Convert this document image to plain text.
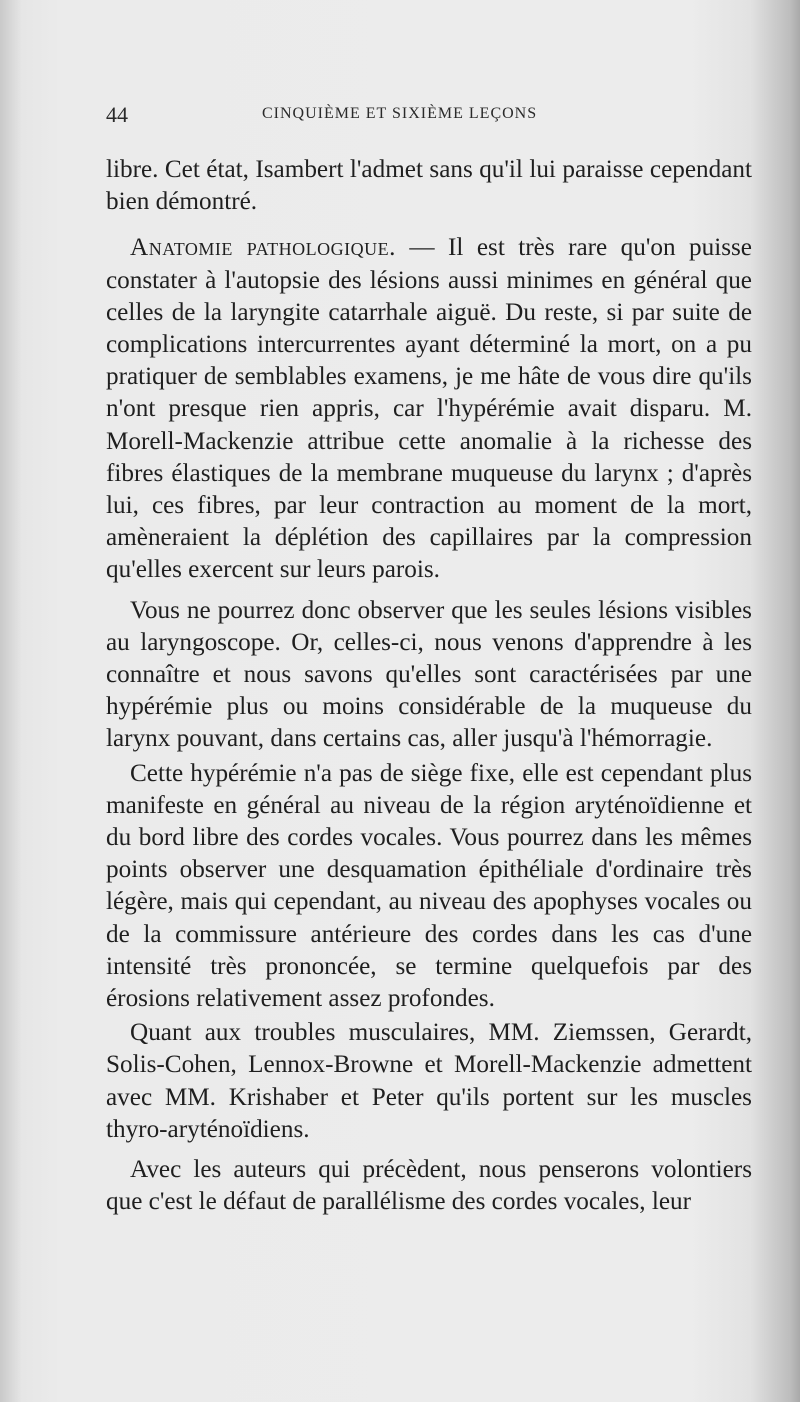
44	CINQUIÈME ET SIXIÈME LEÇONS

libre. Cet état, Isambert l'admet sans qu'il lui paraisse cependant bien démontré.

Anatomie pathologique. — Il est très rare qu'on puisse constater à l'autopsie des lésions aussi minimes en général que celles de la laryngite catarrhale aiguë. Du reste, si par suite de complications intercurrentes ayant déterminé la mort, on a pu pratiquer de semblables examens, je me hâte de vous dire qu'ils n'ont presque rien appris, car l'hypérémie avait disparu. M. Morell-Mackenzie attribue cette anomalie à la richesse des fibres élastiques de la membrane muqueuse du larynx ; d'après lui, ces fibres, par leur contraction au moment de la mort, amèneraient la déplétion des capillaires par la compression qu'elles exercent sur leurs parois.

Vous ne pourrez donc observer que les seules lésions visibles au laryngoscope. Or, celles-ci, nous venons d'apprendre à les connaître et nous savons qu'elles sont caractérisées par une hypérémie plus ou moins considérable de la muqueuse du larynx pouvant, dans certains cas, aller jusqu'à l'hémorragie.

Cette hypérémie n'a pas de siège fixe, elle est cependant plus manifeste en général au niveau de la région aryténoïdienne et du bord libre des cordes vocales. Vous pourrez dans les mêmes points observer une desquamation épithéliale d'ordinaire très légère, mais qui cependant, au niveau des apophyses vocales ou de la commissure antérieure des cordes dans les cas d'une intensité très prononcée, se termine quelquefois par des érosions relativement assez profondes.

Quant aux troubles musculaires, MM. Ziemssen, Gerardt, Solis-Cohen, Lennox-Browne et Morell-Mackenzie admettent avec MM. Krishaber et Peter qu'ils portent sur les muscles thyro-aryténoïdiens.

Avec les auteurs qui précèdent, nous penserons volontiers que c'est le défaut de parallélisme des cordes vocales, leur
